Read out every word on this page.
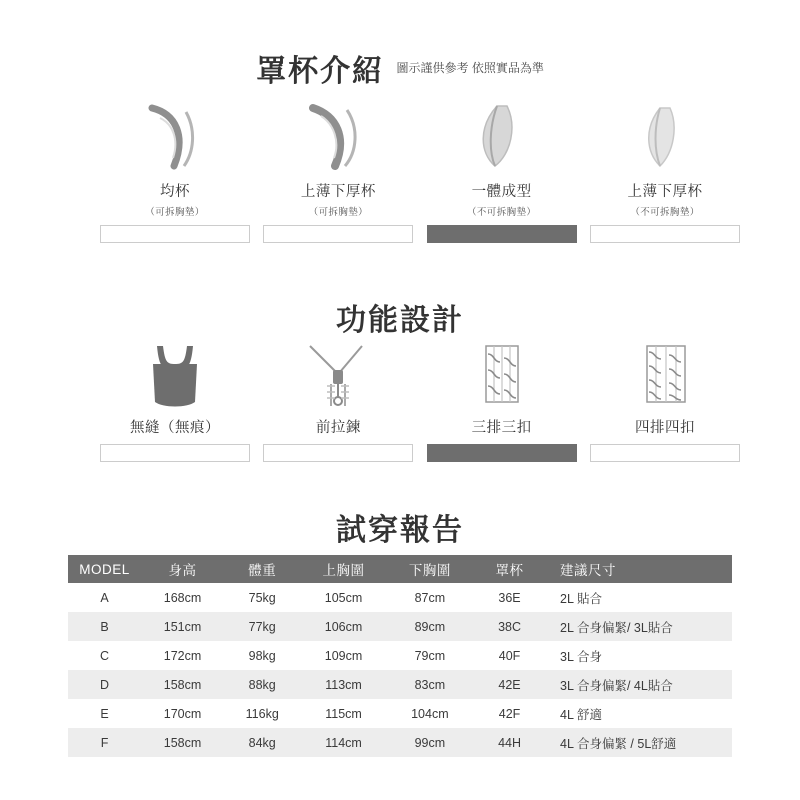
罩杯介紹 圖示謹供參考 依照實品為準
均杯
（可拆胸墊）
上薄下厚杯
（可拆胸墊）
一體成型
（不可拆胸墊）
上薄下厚杯
（不可拆胸墊）
功能設計
無縫（無痕）	前拉鍊	三排三扣	四排四扣
試穿報告
MODEL	身高	體重	上胸圍	下胸圍	罩杯	建議尺寸
A	168cm	75kg	105cm	87cm	36E	2L 貼合
B	151cm	77kg	106cm	89cm	38C	2L 合身偏緊/ 3L貼合
C	172cm	98kg	109cm	79cm	40F	3L 合身
D	158cm	88kg	113cm	83cm	42E	3L 合身偏緊/ 4L貼合
E	170cm	116kg	115cm	104cm	42F	4L 舒適
F	158cm	84kg	114cm	99cm	44H	4L 合身偏緊 / 5L舒適
